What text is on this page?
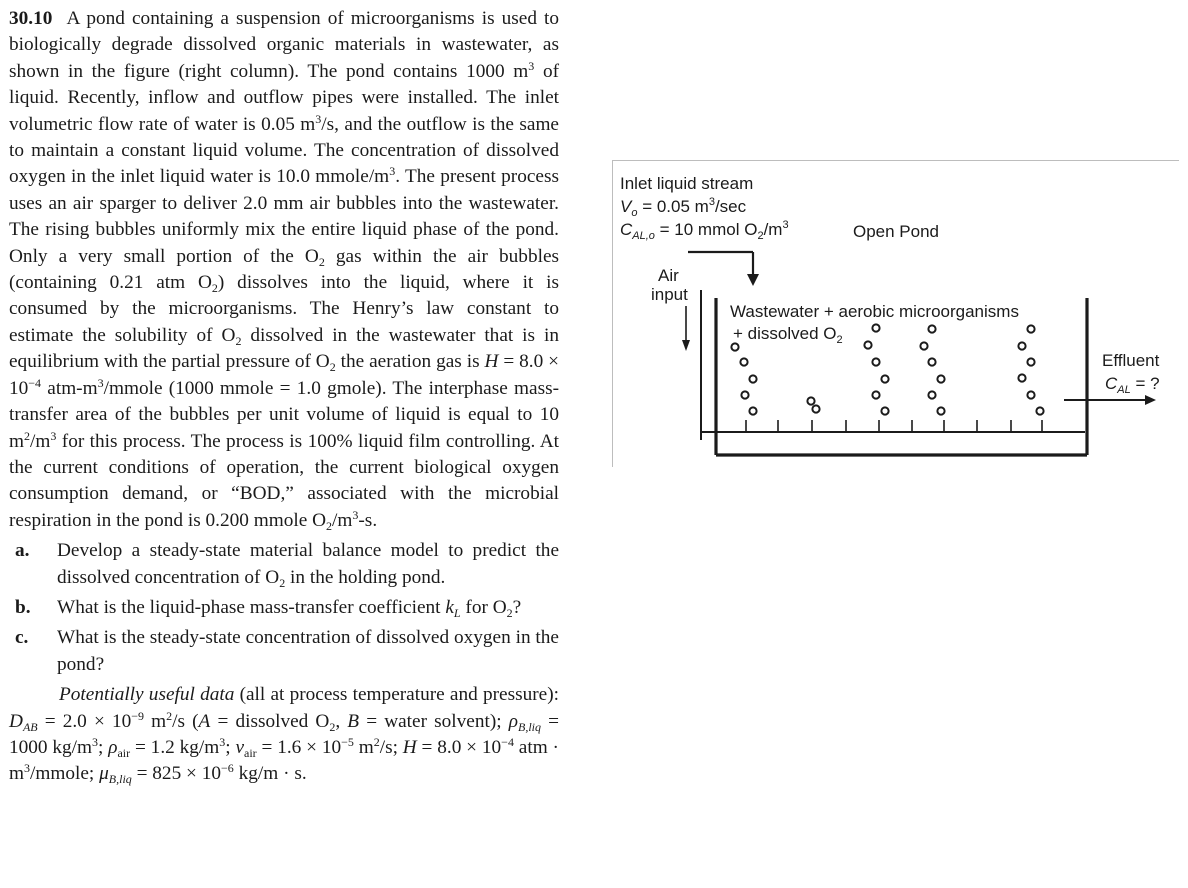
30.10 A pond containing a suspension of microorganisms is used to biologically degrade dissolved organic materials in wastewater, as shown in the figure (right column). The pond contains 1000 $m^3$ of liquid. Recently, inflow and outflow pipes were installed. The inlet volumetric flow rate of water is 0.05 $m^3/s$, and the outflow is the same to maintain a constant liquid volume. The concentration of dissolved oxygen in the inlet liquid water is 10.0 mmole/$m^3$. The present process uses an air sparger to deliver 2.0 mm air bubbles into the wastewater. The rising bubbles uniformly mix the entire liquid phase of the pond. Only a very small portion of the $O_2$ gas within the air bubbles (containing 0.21 atm $O_2$) dissolves into the liquid, where it is consumed by the microorganisms. The Henry’s law constant to estimate the solubility of $O_2$ dissolved in the wastewater that is in equilibrium with the partial pressure of $O_2$ the aeration gas is $H = 8.0 \times 10^{-4}$ atm-$m^3$/mmole (1000 mmole = 1.0 gmole). The interphase mass-transfer area of the bubbles per unit volume of liquid is equal to 10 $m^2/m^3$ for this process. The process is 100% liquid film controlling. At the current conditions of operation, the current biological oxygen consumption demand, or “BOD,” associated with the microbial respiration in the pond is 0.200 mmole $O_2/m^3-s$.

a.	Develop a steady-state material balance model to predict the dissolved concentration of $O_2$ in the holding pond.
b.	What is the liquid-phase mass-transfer coefficient $k_L$ for $O_2$?
c.	What is the steady-state concentration of dissolved oxygen in the pond?

Potentially useful data (all at process temperature and pressure): $D_{AB} = 2.0 \times 10^{-9}$ $m^2/s$ (A = dissolved $O_2$, B = water solvent); $\rho_{B,liq} = 1000$ $kg/m^3$; $\rho_{air} = 1.2$ $kg/m^3$; $\nu_{air} = 1.6 \times 10^{-5}$ $m^2/s$; $H = 8.0 \times 10^{-4}$ atm · $m^3$/mmole; $\mu_{B,liq} = 825 \times 10^{-6}$ kg/m · s.

Inlet liquid stream
$V_o = 0.05$ $m^3/\sec$
$C_{AL,o} = 10$ mmol $O_2/m^3$	Open Pond
Air
input
Wastewater + aerobic microorganisms
+ dissolved $O_2$
Effluent
$C_{AL}$ = ?
